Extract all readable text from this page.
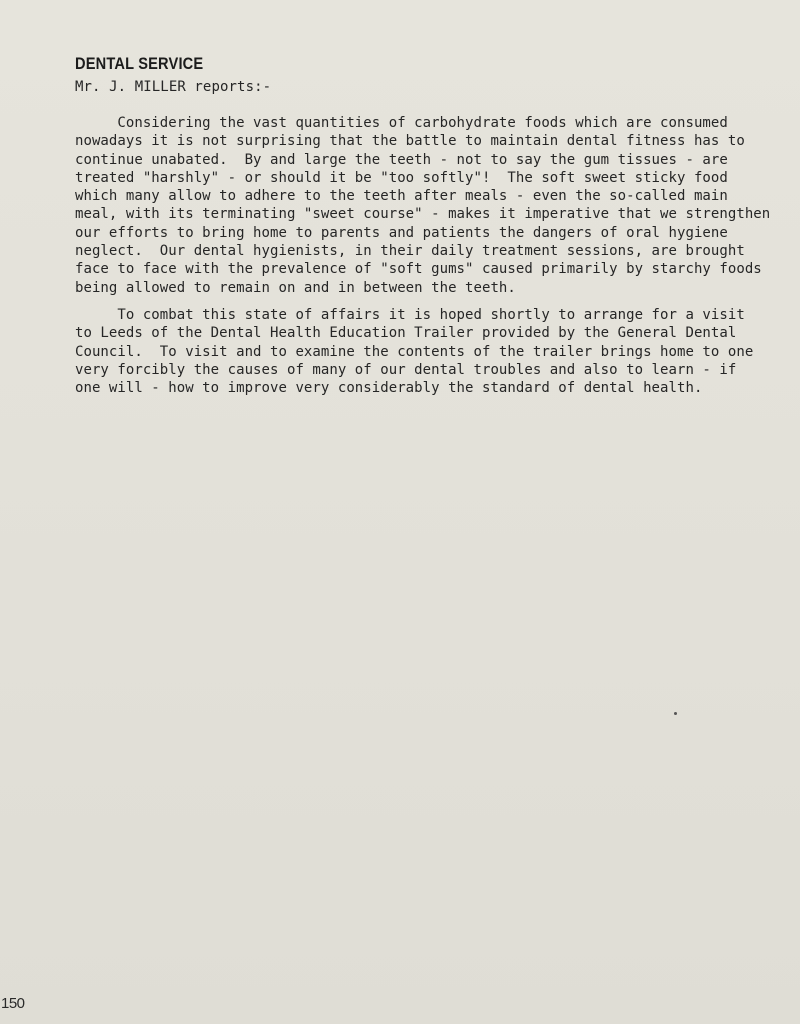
DENTAL SERVICE

Mr. J. MILLER reports:-

Considering the vast quantities of carbohydrate foods which are consumed
nowadays it is not surprising that the battle to maintain dental fitness has to
continue unabated.  By and large the teeth - not to say the gum tissues - are
treated "harshly" - or should it be "too softly"!  The soft sweet sticky food
which many allow to adhere to the teeth after meals - even the so-called main
meal, with its terminating "sweet course" - makes it imperative that we strengthen
our efforts to bring home to parents and patients the dangers of oral hygiene
neglect.  Our dental hygienists, in their daily treatment sessions, are brought
face to face with the prevalence of "soft gums" caused primarily by starchy foods
being allowed to remain on and in between the teeth.

To combat this state of affairs it is hoped shortly to arrange for a visit
to Leeds of the Dental Health Education Trailer provided by the General Dental
Council.  To visit and to examine the contents of the trailer brings home to one
very forcibly the causes of many of our dental troubles and also to learn - if
one will - how to improve very considerably the standard of dental health.

150
